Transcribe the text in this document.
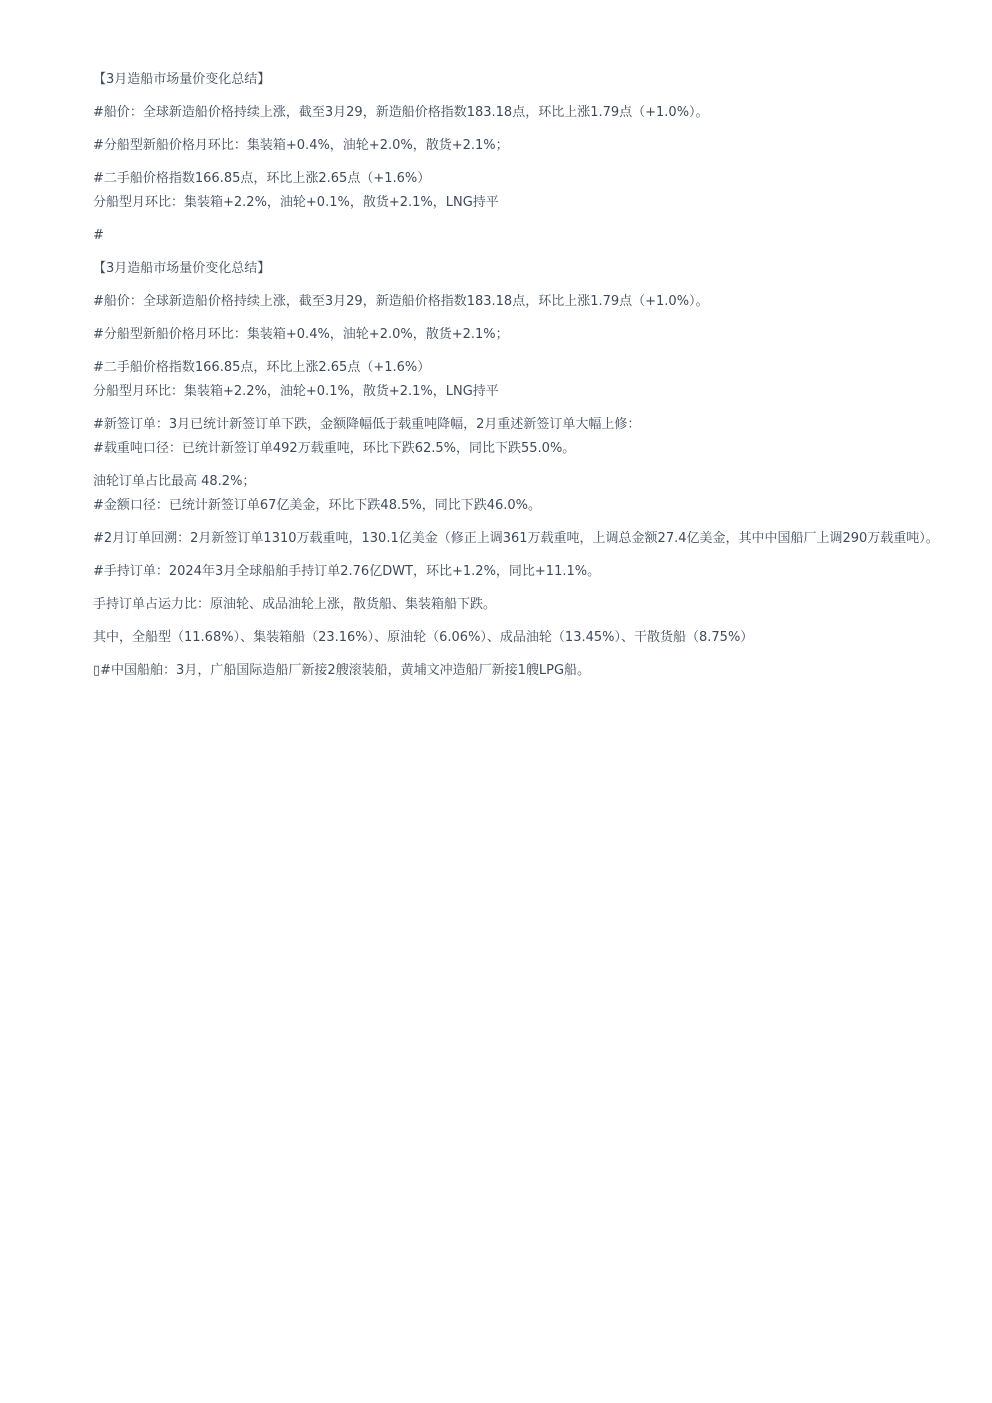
【3月造船市场量价变化总结】
#船价：全球新造船价格持续上涨，截至3月29，新造船价格指数183.18点，环比上涨1.79点（+1.0%）。
#分船型新船价格月环比：集装箱+0.4%，油轮+2.0%，散货+2.1%；
#二手船价格指数166.85点，环比上涨2.65点（+1.6%）
分船型月环比：集装箱+2.2%，油轮+0.1%，散货+2.1%，LNG持平
#
【3月造船市场量价变化总结】
#船价：全球新造船价格持续上涨，截至3月29，新造船价格指数183.18点，环比上涨1.79点（+1.0%）。
#分船型新船价格月环比：集装箱+0.4%，油轮+2.0%，散货+2.1%；
#二手船价格指数166.85点，环比上涨2.65点（+1.6%）
分船型月环比：集装箱+2.2%，油轮+0.1%，散货+2.1%，LNG持平
#新签订单：3月已统计新签订单下跌，金额降幅低于载重吨降幅，2月重述新签订单大幅上修：
#载重吨口径：已统计新签订单492万载重吨，环比下跌62.5%，同比下跌55.0%。
油轮订单占比最高 48.2%；
#金额口径：已统计新签订单67亿美金，环比下跌48.5%，同比下跌46.0%。
#2月订单回溯：2月新签订单1310万载重吨，130.1亿美金（修正上调361万载重吨，上调总金额27.4亿美金，其中中国船厂上调290万载重吨）。
#手持订单：2024年3月全球船舶手持订单2.76亿DWT，环比+1.2%，同比+11.1%。
手持订单占运力比：原油轮、成品油轮上涨，散货船、集装箱船下跌。
其中，全船型（11.68%）、集装箱船（23.16%）、原油轮（6.06%）、成品油轮（13.45%）、干散货船（8.75%）
▯#中国船舶：3月，广船国际造船厂新接2艘滚装船，黄埔文冲造船厂新接1艘LPG船。
